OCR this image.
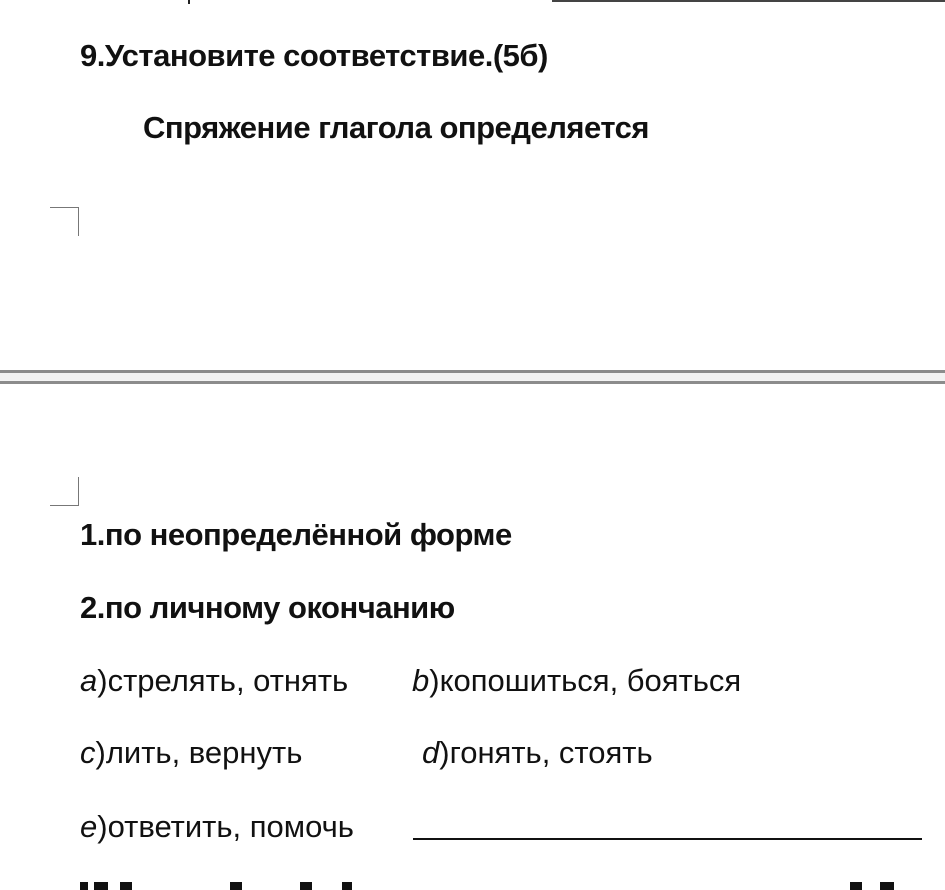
9.Установите соответствие.(5б)
Спряжение глагола определяется
1.по неопределённой форме
2.по личному окончанию
a)стрелять, отнять b)копошиться, бояться
c)лить, вернуть	d)гонять, стоять
e)ответить, помочь
